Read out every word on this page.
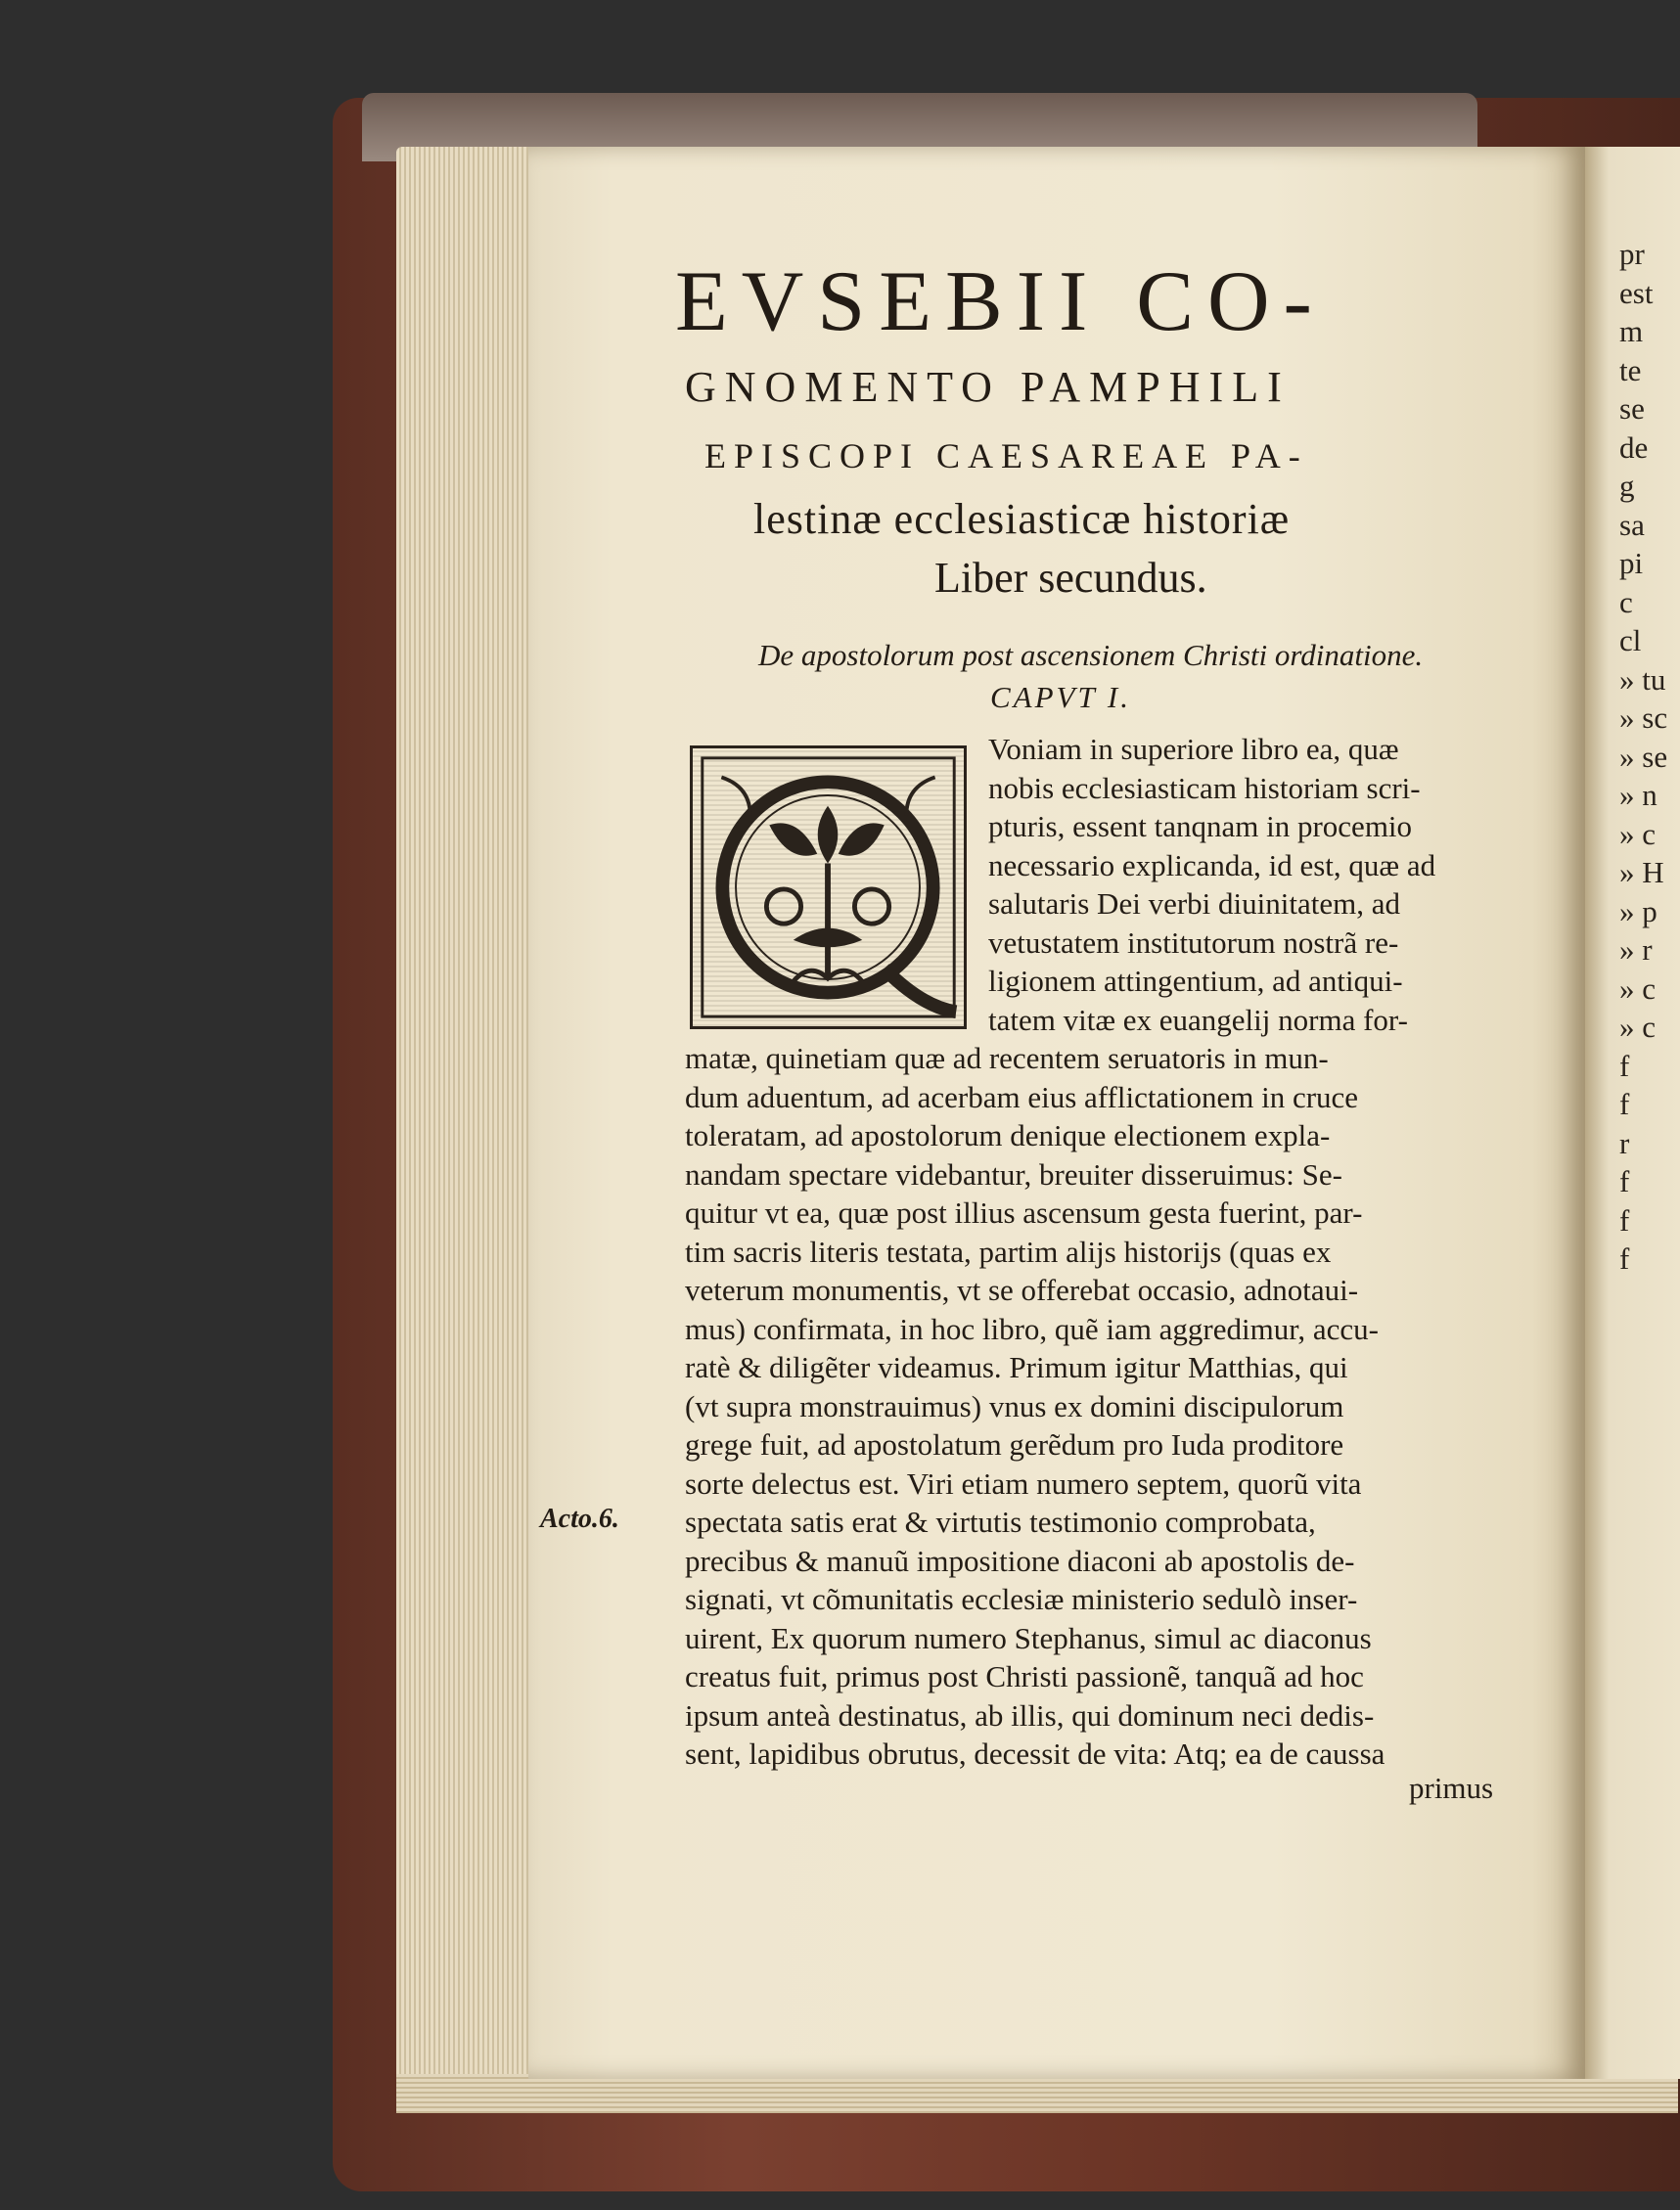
pr
est
m
te
se
de
g
sa
pi
c
cl
» tu
» sc
» se
» n
» c
» H
» p
» r
» c
» c
f
f
r
f
f
f
EVSEBII CO-
GNOMENTO PAMPHILI
EPISCOPI CAESAREAE PA-
lestinæ ecclesiasticæ historiæ
Liber secundus.
De apostolorum post ascensionem Christi ordinatione.
CAPVT I.
Voniam in superiore libro ea, quæ
nobis ecclesiasticam historiam scri-
pturis, essent tanqnam in procemio
necessario explicanda, id est, quæ ad
salutaris Dei verbi diuinitatem, ad
vetustatem institutorum nostrã re-
ligionem attingentium, ad antiqui-
tatem vitæ ex euangelij norma for-
matæ, quinetiam quæ ad recentem seruatoris in mun-
dum aduentum, ad acerbam eius afflictationem in cruce
toleratam, ad apostolorum denique electionem expla-
nandam spectare videbantur, breuiter disseruimus: Se-
quitur vt ea, quæ post illius ascensum gesta fuerint, par-
tim sacris literis testata, partim alijs historijs (quas ex
veterum monumentis, vt se offerebat occasio, adnotaui-
mus) confirmata, in hoc libro, quẽ iam aggredimur, accu-
ratè & diligẽter videamus. Primum igitur Matthias, qui
(vt supra monstrauimus) vnus ex domini discipulorum
grege fuit, ad apostolatum gerẽdum pro Iuda proditore
sorte delectus est. Viri etiam numero septem, quorũ vita
spectata satis erat & virtutis testimonio comprobata,
precibus & manuũ impositione diaconi ab apostolis de-
signati, vt cõmunitatis ecclesiæ ministerio sedulò inser-
uirent, Ex quorum numero Stephanus, simul ac diaconus
creatus fuit, primus post Christi passionẽ, tanquã ad hoc
ipsum anteà destinatus, ab illis, qui dominum neci dedis-
sent, lapidibus obrutus, decessit de vita: Atq; ea de caussa
Acto.6.
primus
